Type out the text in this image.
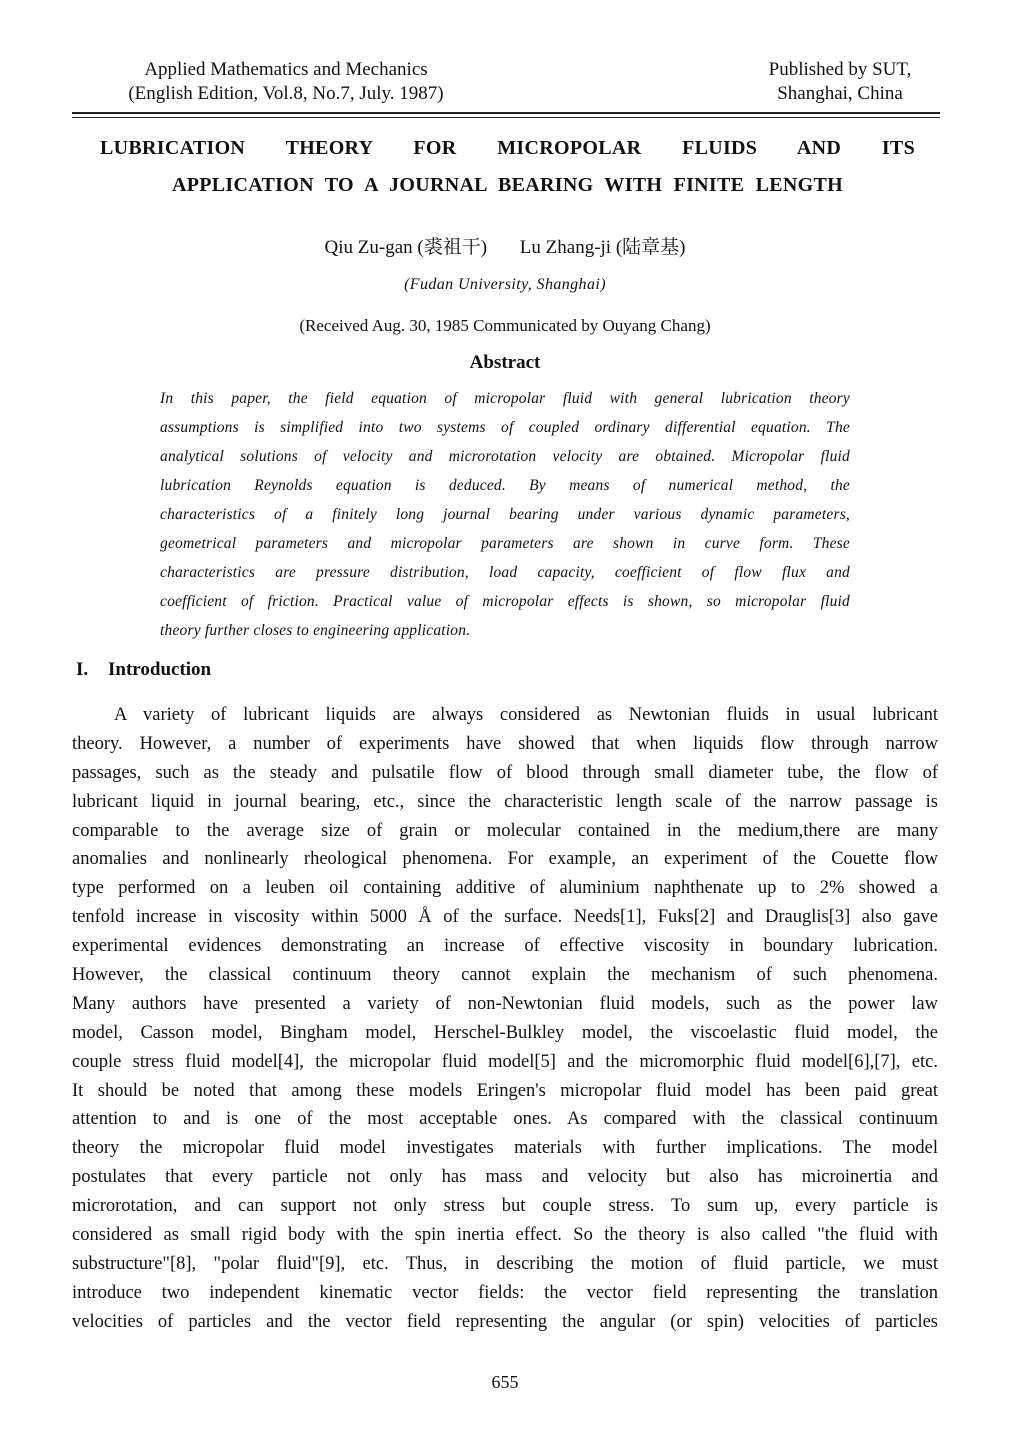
Applied Mathematics and Mechanics
(English Edition, Vol.8, No.7, July. 1987)
Published by SUT,
Shanghai, China
LUBRICATION THEORY FOR MICROPOLAR FLUIDS AND ITS
APPLICATION TO A JOURNAL BEARING WITH FINITE LENGTH
Qiu Zu-gan (裘祖干) Lu Zhang-ji (陆章基)
(Fudan University, Shanghai)
(Received Aug. 30, 1985 Communicated by Ouyang Chang)
Abstract
In this paper, the field equation of micropolar fluid with general lubrication theory
assumptions is simplified into two systems of coupled ordinary differential equation. The
analytical solutions of velocity and microrotation velocity are obtained. Micropolar fluid
lubrication Reynolds equation is deduced. By means of numerical method, the
characteristics of a finitely long journal bearing under various dynamic parameters,
geometrical parameters and micropolar parameters are shown in curve form. These
characteristics are pressure distribution, load capacity, coefficient of flow flux and
coefficient of friction. Practical value of micropolar effects is shown, so micropolar fluid
theory further closes to engineering application.
I. Introduction
A variety of lubricant liquids are always considered as Newtonian fluids in usual lubricant
theory. However, a number of experiments have showed that when liquids flow through narrow
passages, such as the steady and pulsatile flow of blood through small diameter tube, the flow of
lubricant liquid in journal bearing, etc., since the characteristic length scale of the narrow passage is
comparable to the average size of grain or molecular contained in the medium,there are many
anomalies and nonlinearly rheological phenomena. For example, an experiment of the Couette flow
type performed on a leuben oil containing additive of aluminium naphthenate up to 2% showed a
tenfold increase in viscosity within 5000 Å of the surface. Needs[1], Fuks[2] and Drauglis[3] also gave
experimental evidences demonstrating an increase of effective viscosity in boundary lubrication.
However, the classical continuum theory cannot explain the mechanism of such phenomena.
Many authors have presented a variety of non-Newtonian fluid models, such as the power law
model, Casson model, Bingham model, Herschel-Bulkley model, the viscoelastic fluid model, the
couple stress fluid model[4], the micropolar fluid model[5] and the micromorphic fluid model[6],[7], etc.
It should be noted that among these models Eringen's micropolar fluid model has been paid great
attention to and is one of the most acceptable ones. As compared with the classical continuum
theory the micropolar fluid model investigates materials with further implications. The model
postulates that every particle not only has mass and velocity but also has microinertia and
microrotation, and can support not only stress but couple stress. To sum up, every particle is
considered as small rigid body with the spin inertia effect. So the theory is also called "the fluid with
substructure"[8], "polar fluid"[9], etc. Thus, in describing the motion of fluid particle, we must
introduce two independent kinematic vector fields: the vector field representing the translation
velocities of particles and the vector field representing the angular (or spin) velocities of particles
655
